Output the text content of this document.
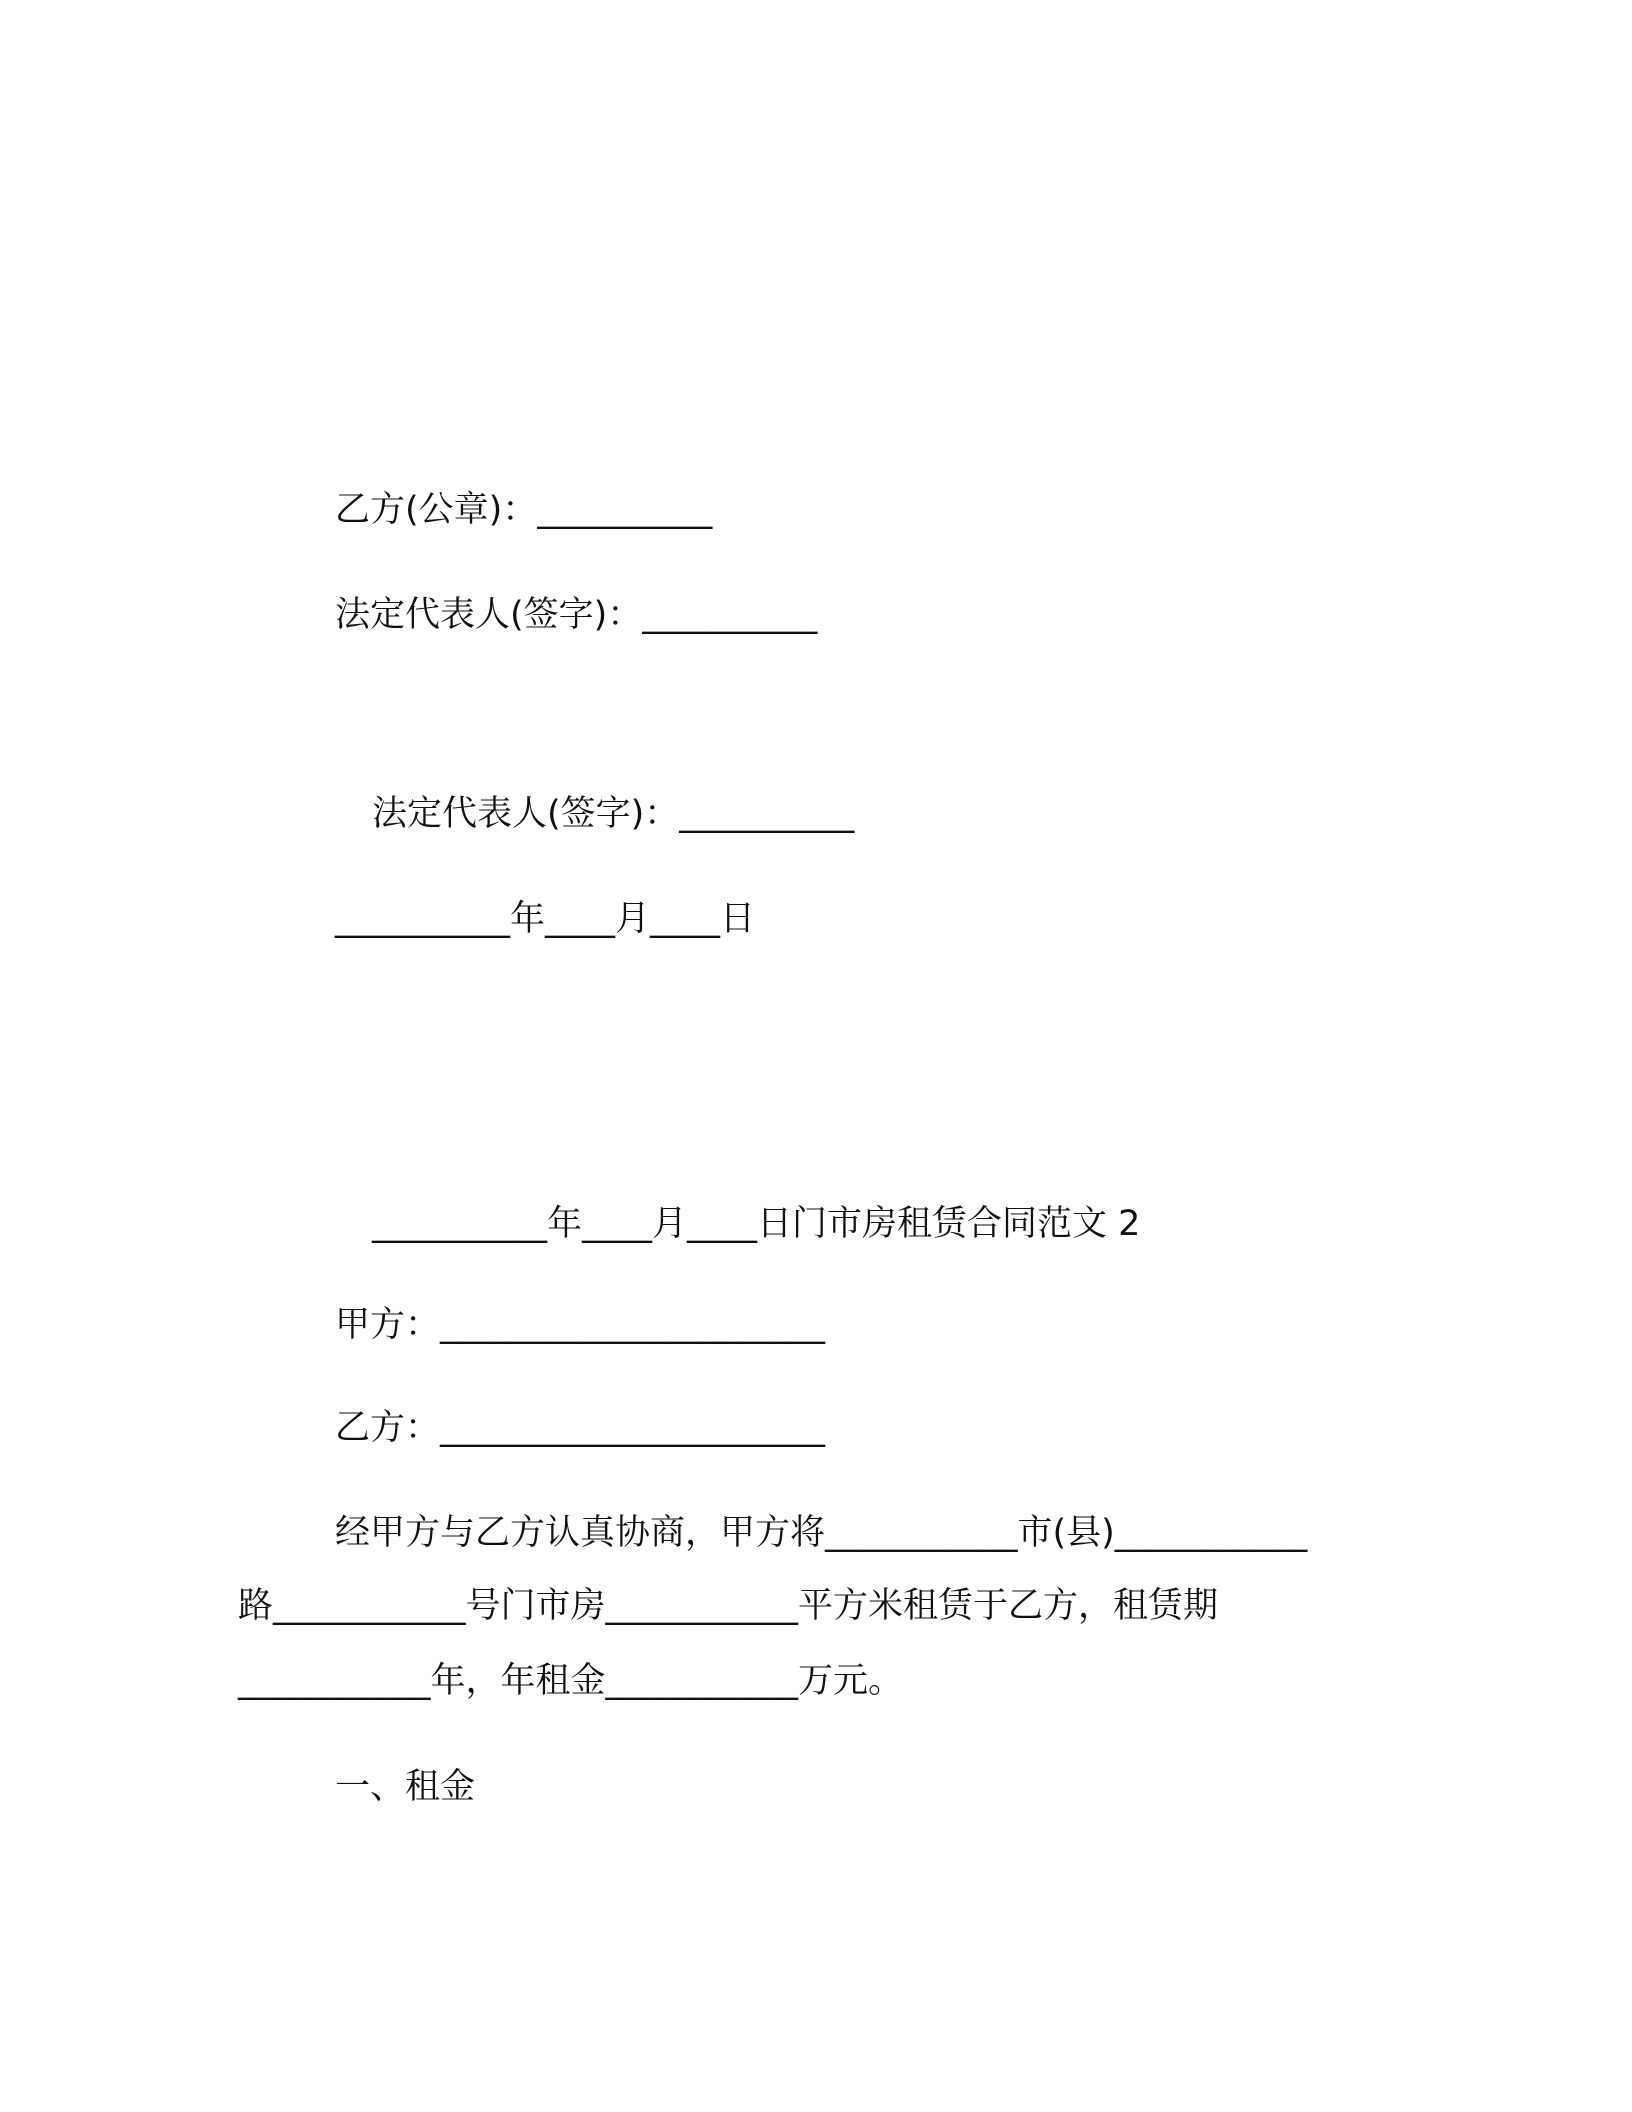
乙方(公章)：__________
法定代表人(签字)：__________
法定代表人(签字)：__________
__________年____月____日
__________年____月____日门市房租赁合同范文 2
甲方：______________________
乙方：______________________
经甲方与乙方认真协商，甲方将___________市(县)___________
路___________号门市房___________平方米租赁于乙方，租赁期
___________年，年租金___________万元。
一、租金
